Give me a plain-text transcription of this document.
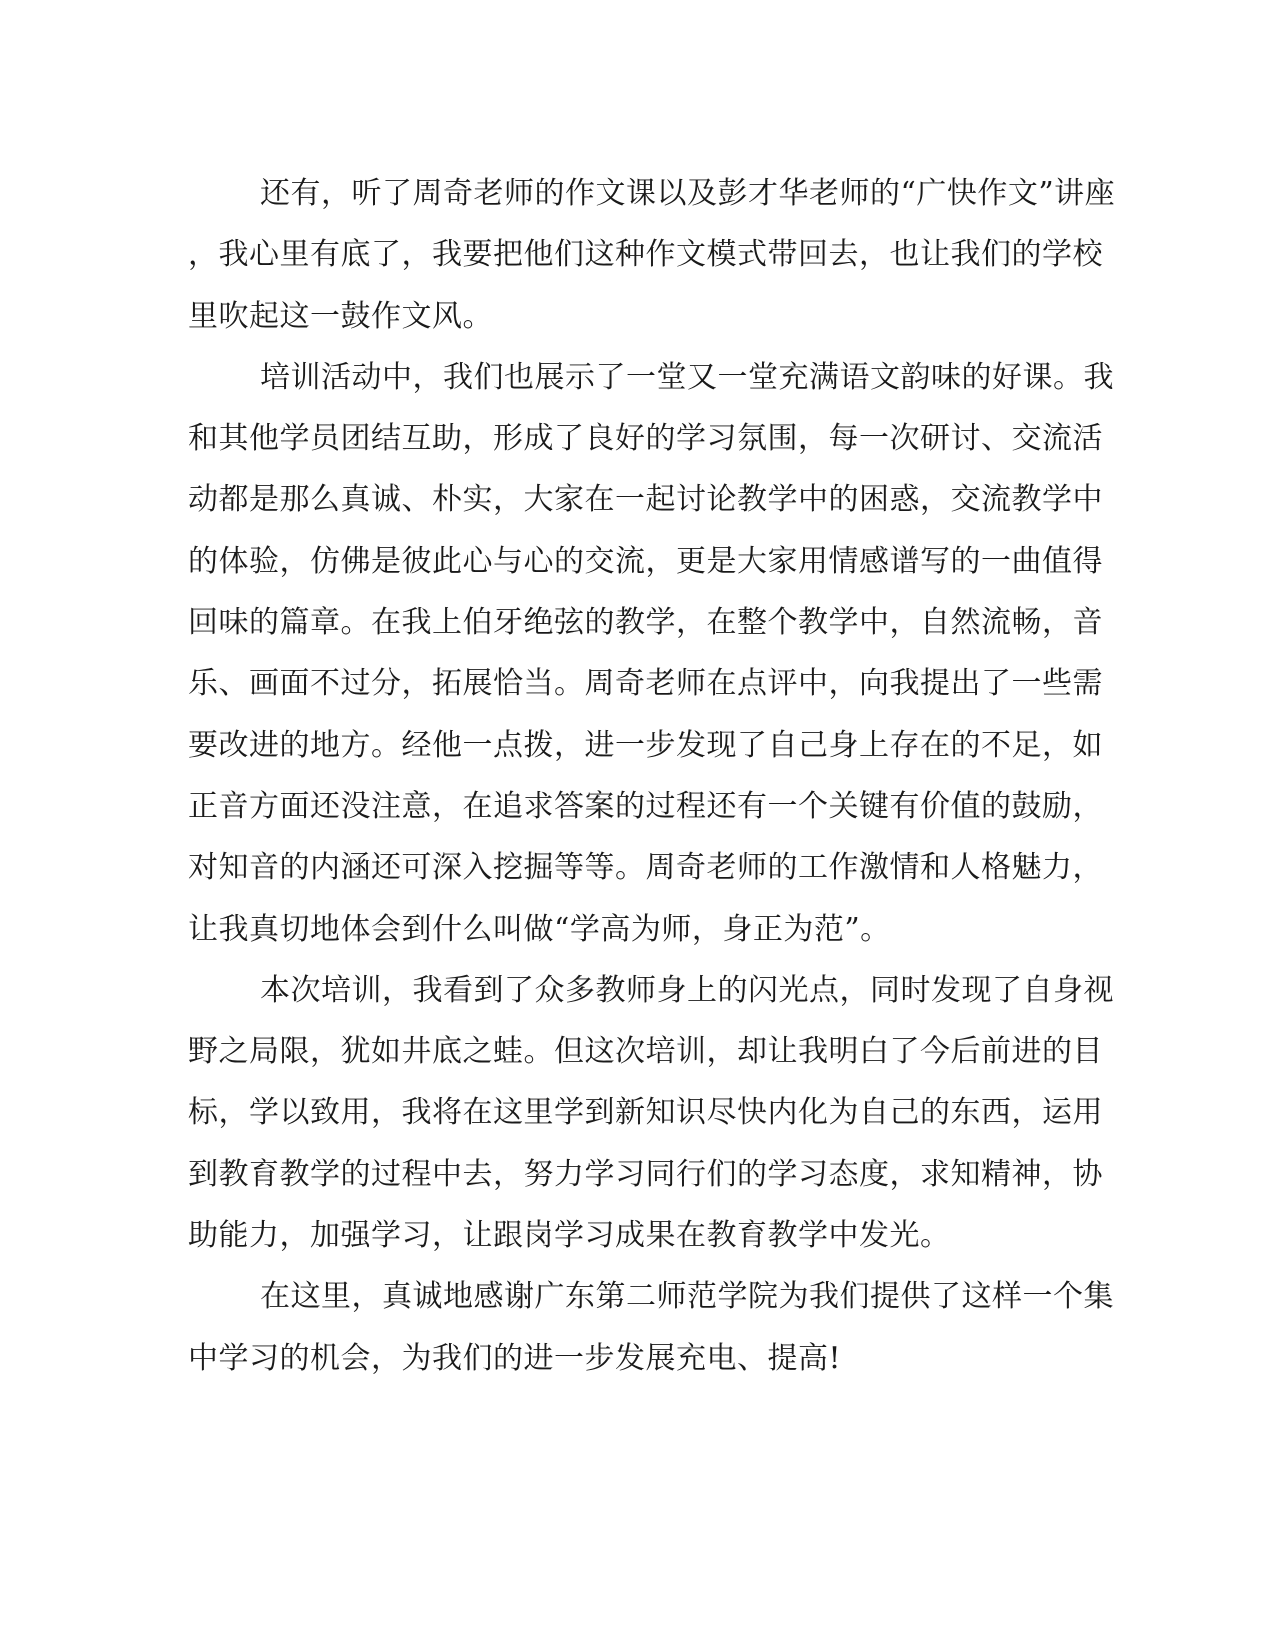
还有，听了周奇老师的作文课以及彭才华老师的“广快作文”讲座
，我心里有底了，我要把他们这种作文模式带回去，也让我们的学校
里吹起这一鼓作文风。
培训活动中，我们也展示了一堂又一堂充满语文韵味的好课。我
和其他学员团结互助，形成了良好的学习氛围，每一次研讨、交流活
动都是那么真诚、朴实，大家在一起讨论教学中的困惑，交流教学中
的体验，仿佛是彼此心与心的交流，更是大家用情感谱写的一曲值得
回味的篇章。在我上伯牙绝弦的教学，在整个教学中，自然流畅，音
乐、画面不过分，拓展恰当。周奇老师在点评中，向我提出了一些需
要改进的地方。经他一点拨，进一步发现了自己身上存在的不足，如
正音方面还没注意，在追求答案的过程还有一个关键有价值的鼓励，
对知音的内涵还可深入挖掘等等。周奇老师的工作激情和人格魅力，
让我真切地体会到什么叫做“学高为师，身正为范”。
本次培训，我看到了众多教师身上的闪光点，同时发现了自身视
野之局限，犹如井底之蛙。但这次培训，却让我明白了今后前进的目
标，学以致用，我将在这里学到新知识尽快内化为自己的东西，运用
到教育教学的过程中去，努力学习同行们的学习态度，求知精神，协
助能力，加强学习，让跟岗学习成果在教育教学中发光。
在这里，真诚地感谢广东第二师范学院为我们提供了这样一个集
中学习的机会，为我们的进一步发展充电、提高!
